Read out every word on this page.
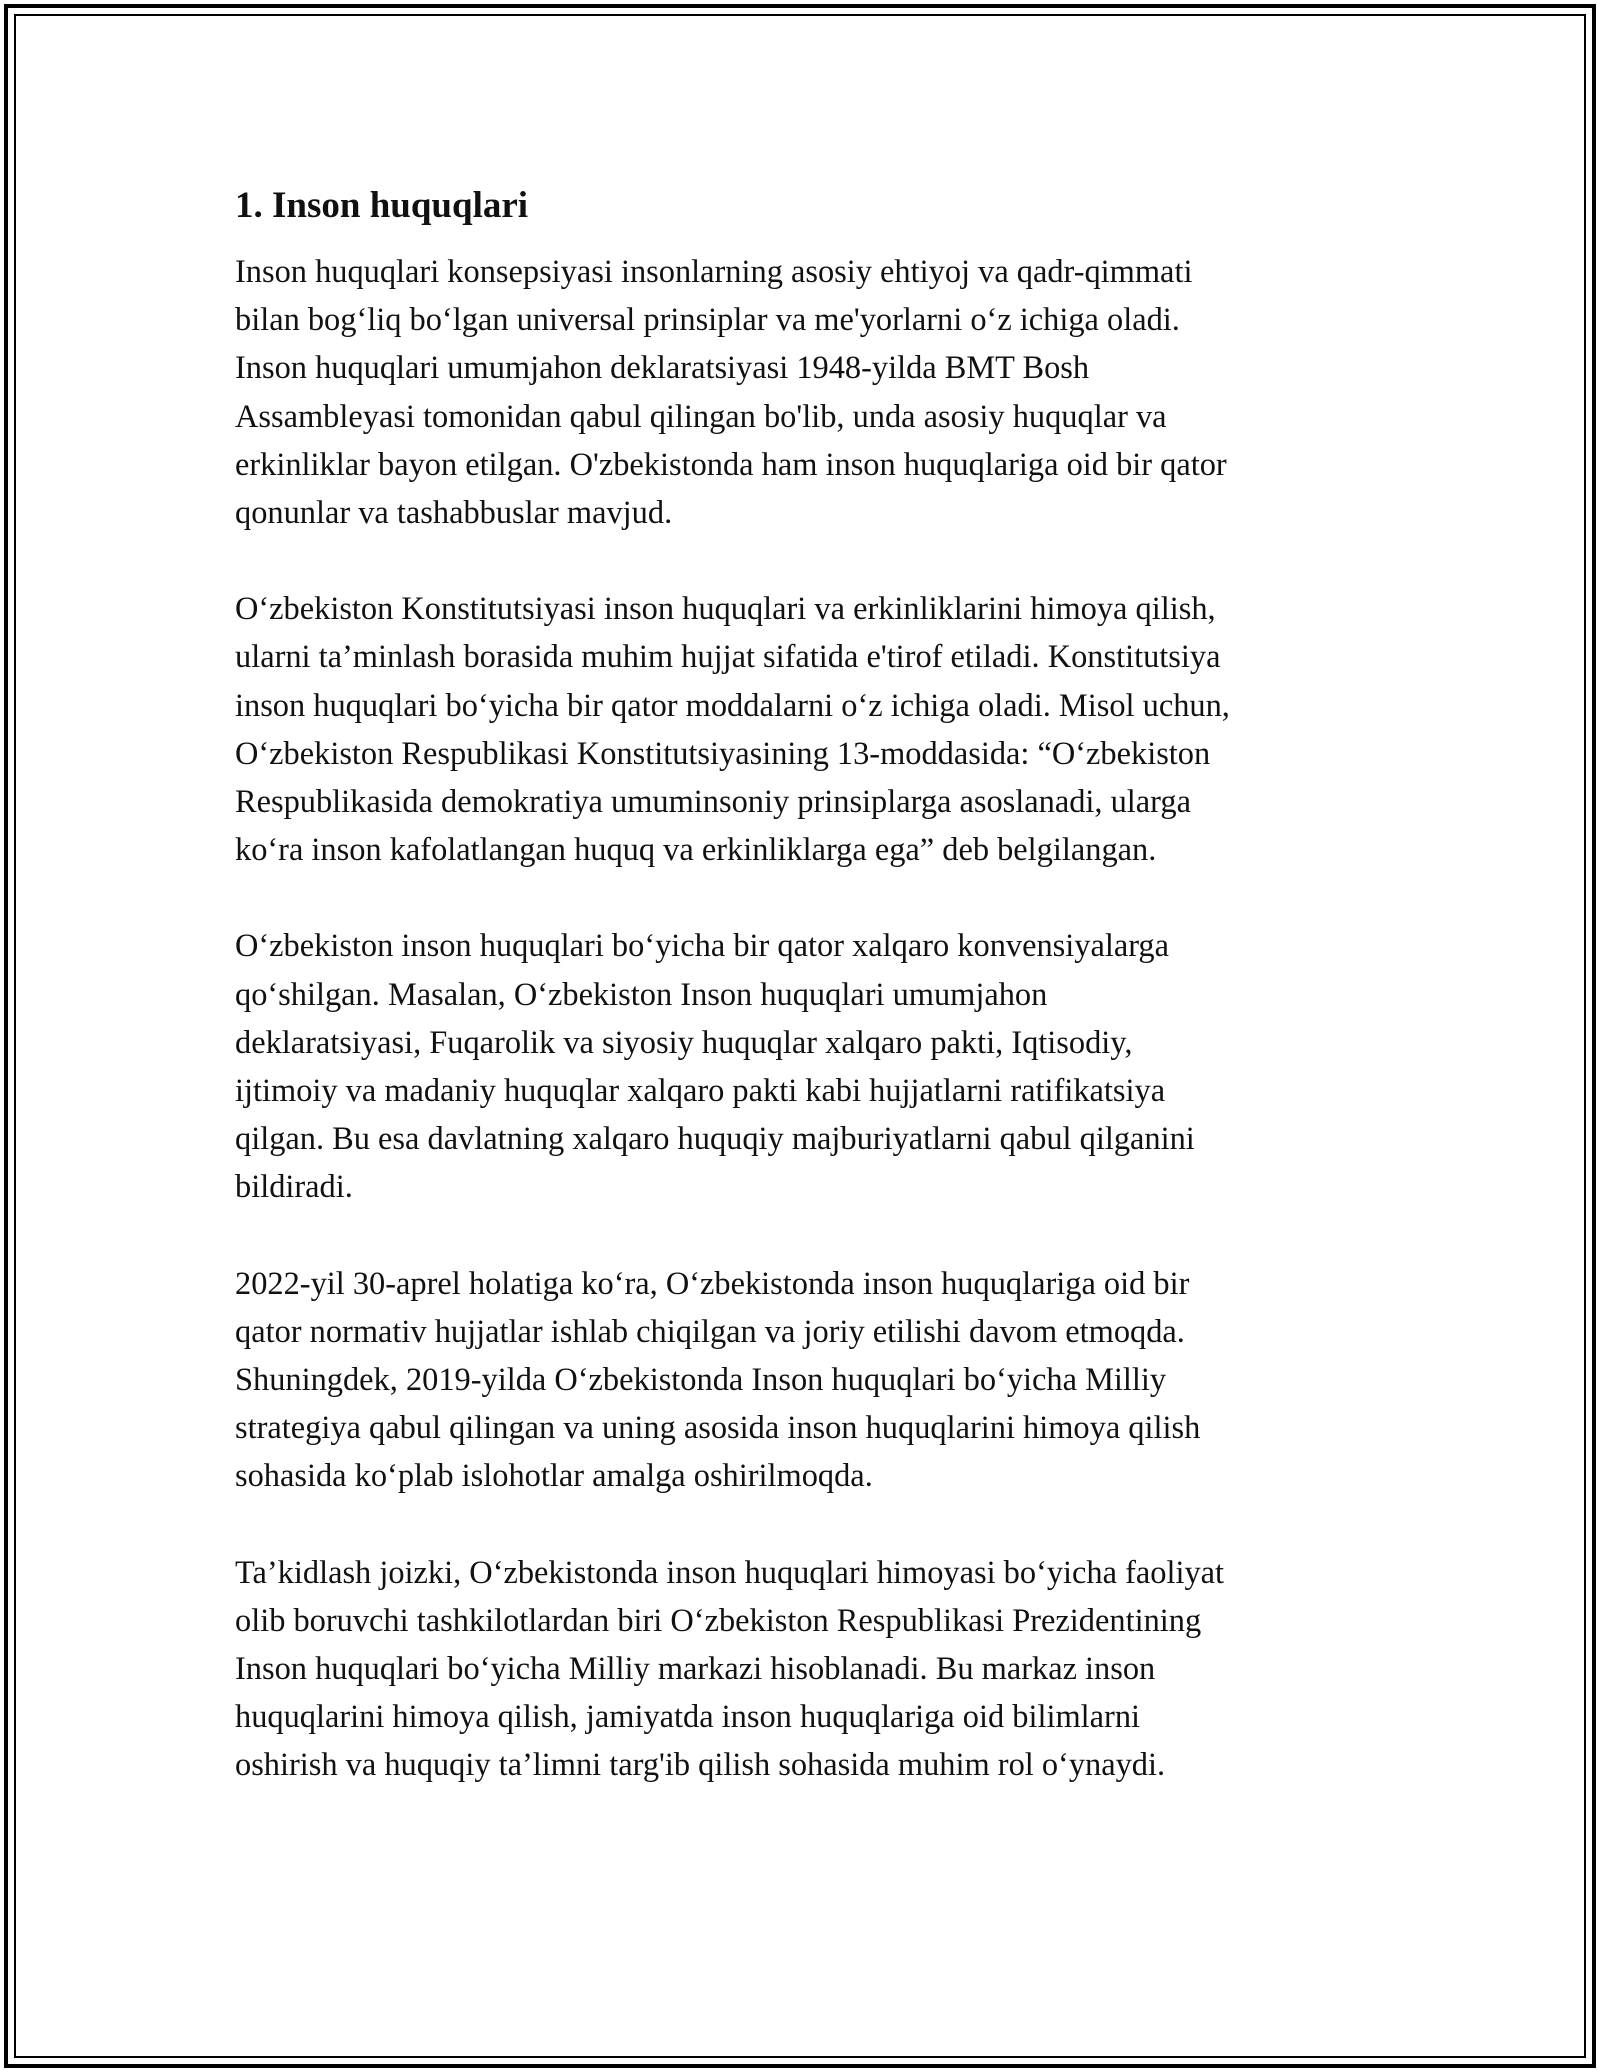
1. Inson huquqlari

Inson huquqlari konsepsiyasi insonlarning asosiy ehtiyoj va qadr-qimmati
bilan bog‘liq bo‘lgan universal prinsiplar va me'yorlarni o‘z ichiga oladi.
Inson huquqlari umumjahon deklaratsiyasi 1948-yilda BMT Bosh
Assambleyasi tomonidan qabul qilingan bo'lib, unda asosiy huquqlar va
erkinliklar bayon etilgan. O'zbekistonda ham inson huquqlariga oid bir qator
qonunlar va tashabbuslar mavjud.

O‘zbekiston Konstitutsiyasi inson huquqlari va erkinliklarini himoya qilish,
ularni ta’minlash borasida muhim hujjat sifatida e'tirof etiladi. Konstitutsiya
inson huquqlari bo‘yicha bir qator moddalarni o‘z ichiga oladi. Misol uchun,
O‘zbekiston Respublikasi Konstitutsiyasining 13-moddasida: “O‘zbekiston
Respublikasida demokratiya umuminsoniy prinsiplarga asoslanadi, ularga
ko‘ra inson kafolatlangan huquq va erkinliklarga ega” deb belgilangan.

O‘zbekiston inson huquqlari bo‘yicha bir qator xalqaro konvensiyalarga
qo‘shilgan. Masalan, O‘zbekiston Inson huquqlari umumjahon
deklaratsiyasi, Fuqarolik va siyosiy huquqlar xalqaro pakti, Iqtisodiy,
ijtimoiy va madaniy huquqlar xalqaro pakti kabi hujjatlarni ratifikatsiya
qilgan. Bu esa davlatning xalqaro huquqiy majburiyatlarni qabul qilganini
bildiradi.

2022-yil 30-aprel holatiga ko‘ra, O‘zbekistonda inson huquqlariga oid bir
qator normativ hujjatlar ishlab chiqilgan va joriy etilishi davom etmoqda.
Shuningdek, 2019-yilda O‘zbekistonda Inson huquqlari bo‘yicha Milliy
strategiya qabul qilingan va uning asosida inson huquqlarini himoya qilish
sohasida ko‘plab islohotlar amalga oshirilmoqda.

Ta’kidlash joizki, O‘zbekistonda inson huquqlari himoyasi bo‘yicha faoliyat
olib boruvchi tashkilotlardan biri O‘zbekiston Respublikasi Prezidentining
Inson huquqlari bo‘yicha Milliy markazi hisoblanadi. Bu markaz inson
huquqlarini himoya qilish, jamiyatda inson huquqlariga oid bilimlarni
oshirish va huquqiy ta’limni targ'ib qilish sohasida muhim rol o‘ynaydi.
